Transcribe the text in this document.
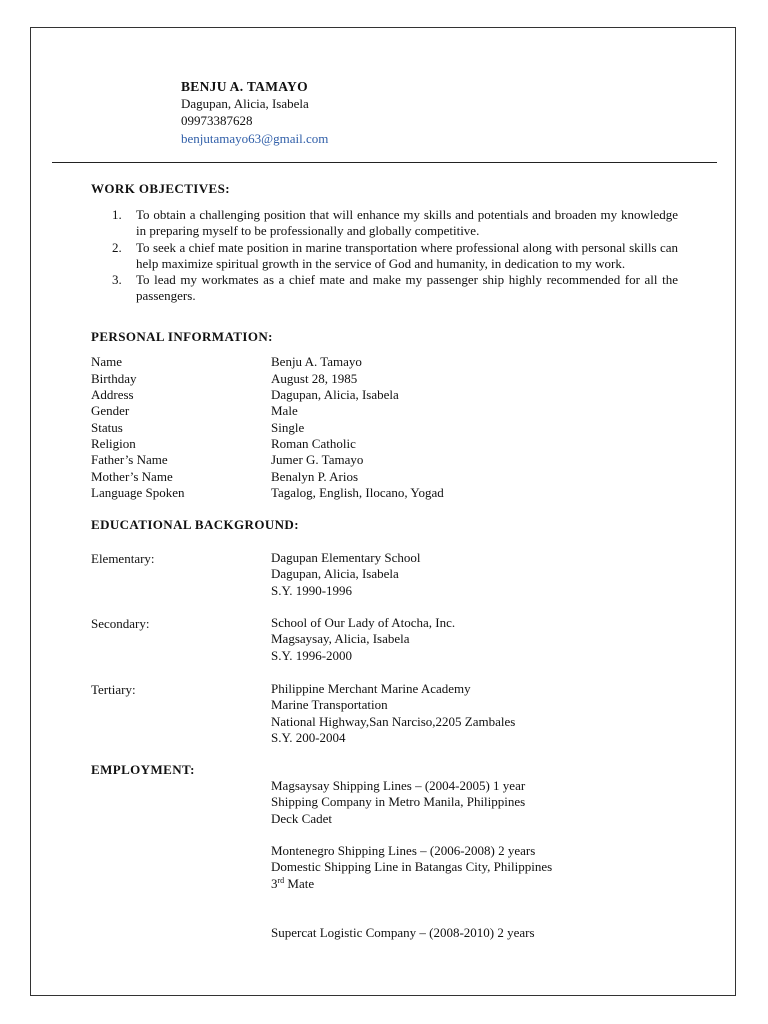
BENJU A. TAMAYO
Dagupan, Alicia, Isabela
09973387628
benjutamayo63@gmail.com
WORK OBJECTIVES:
1. To obtain a challenging position that will enhance my skills and potentials and broaden my knowledge in preparing myself to be professionally and globally competitive.
2. To seek a chief mate position in marine transportation where professional along with personal skills can help maximize spiritual growth in the service of God and humanity, in dedication to my work.
3. To lead my workmates as a chief mate and make my passenger ship highly recommended for all the passengers.
PERSONAL INFORMATION:
Name	Benju A. Tamayo
Birthday	August 28, 1985
Address	Dagupan, Alicia, Isabela
Gender	Male
Status	Single
Religion	Roman Catholic
Father’s Name	Jumer G. Tamayo
Mother’s Name	Benalyn P. Arios
Language Spoken	Tagalog, English, Ilocano, Yogad
EDUCATIONAL BACKGROUND:
Elementary:	Dagupan Elementary School
Dagupan, Alicia, Isabela
S.Y. 1990-1996
Secondary:	School of Our Lady of Atocha, Inc.
Magsaysay, Alicia, Isabela
S.Y. 1996-2000
Tertiary:	Philippine Merchant Marine Academy
Marine Transportation
National Highway,San Narciso,2205 Zambales
S.Y. 200-2004
EMPLOYMENT:
Magsaysay Shipping Lines – (2004-2005) 1 year
Shipping Company in Metro Manila, Philippines
Deck Cadet
Montenegro Shipping Lines – (2006-2008) 2 years
Domestic Shipping Line in Batangas City, Philippines
3rd Mate
Supercat Logistic Company – (2008-2010) 2 years
